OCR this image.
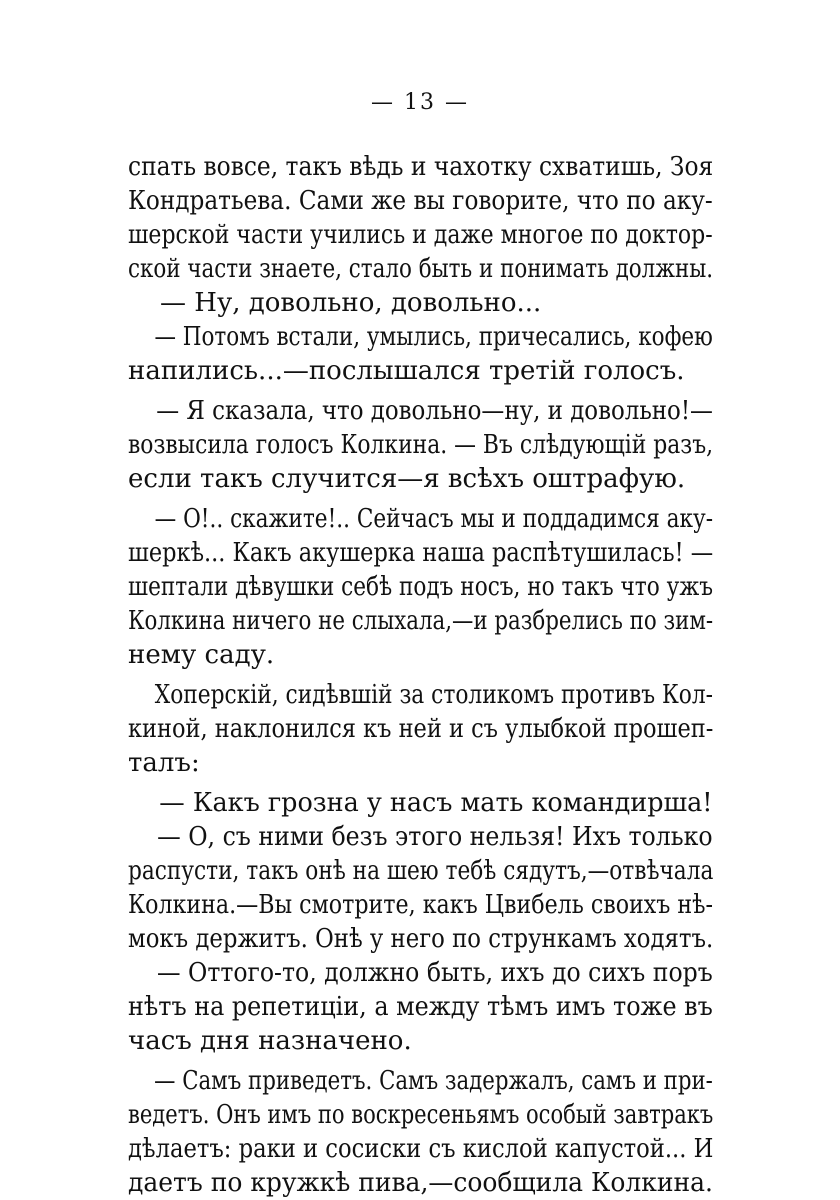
— 13 —
спать вовсе, такъ вѣдь и чахотку схватишь, Зоя
Кондратьева. Сами же вы говорите, что по аку-
шерской части учились и даже многое по доктор-
ской части знаете, стало быть и понимать должны.
— Ну, довольно, довольно...
— Потомъ встали, умылись, причесались, кофею
напились...—послышался третій голосъ.
— Я сказала, что довольно—ну, и довольно!—
возвысила голосъ Колкина. — Въ слѣдующій разъ,
если такъ случится—я всѣхъ оштрафую.
— О!.. скажите!.. Сейчасъ мы и поддадимся аку-
шеркѣ... Какъ акушерка наша распѣтушилась! —
шептали дѣвушки себѣ подъ носъ, но такъ что ужъ
Колкина ничего не слыхала,—и разбрелись по зим-
нему саду.
Хоперскій, сидѣвшій за столикомъ противъ Кол-
киной, наклонился къ ней и съ улыбкой прошеп-
талъ:
— Какъ грозна у насъ мать командирша!
— О, съ ними безъ этого нельзя! Ихъ только
распусти, такъ онѣ на шею тебѣ сядутъ,—отвѣчала
Колкина.—Вы смотрите, какъ Цвибель своихъ нѣ-
мокъ держитъ. Онѣ у него по стрункамъ ходятъ.
— Оттого-то, должно быть, ихъ до сихъ поръ
нѣтъ на репетиціи, а между тѣмъ имъ тоже въ
часъ дня назначено.
— Самъ приведетъ. Самъ задержалъ, самъ и при-
ведетъ. Онъ имъ по воскресеньямъ особый завтракъ
дѣлаетъ: раки и сосиски съ кислой капустой... И
даетъ по кружкѣ пива,—сообщила Колкина.
